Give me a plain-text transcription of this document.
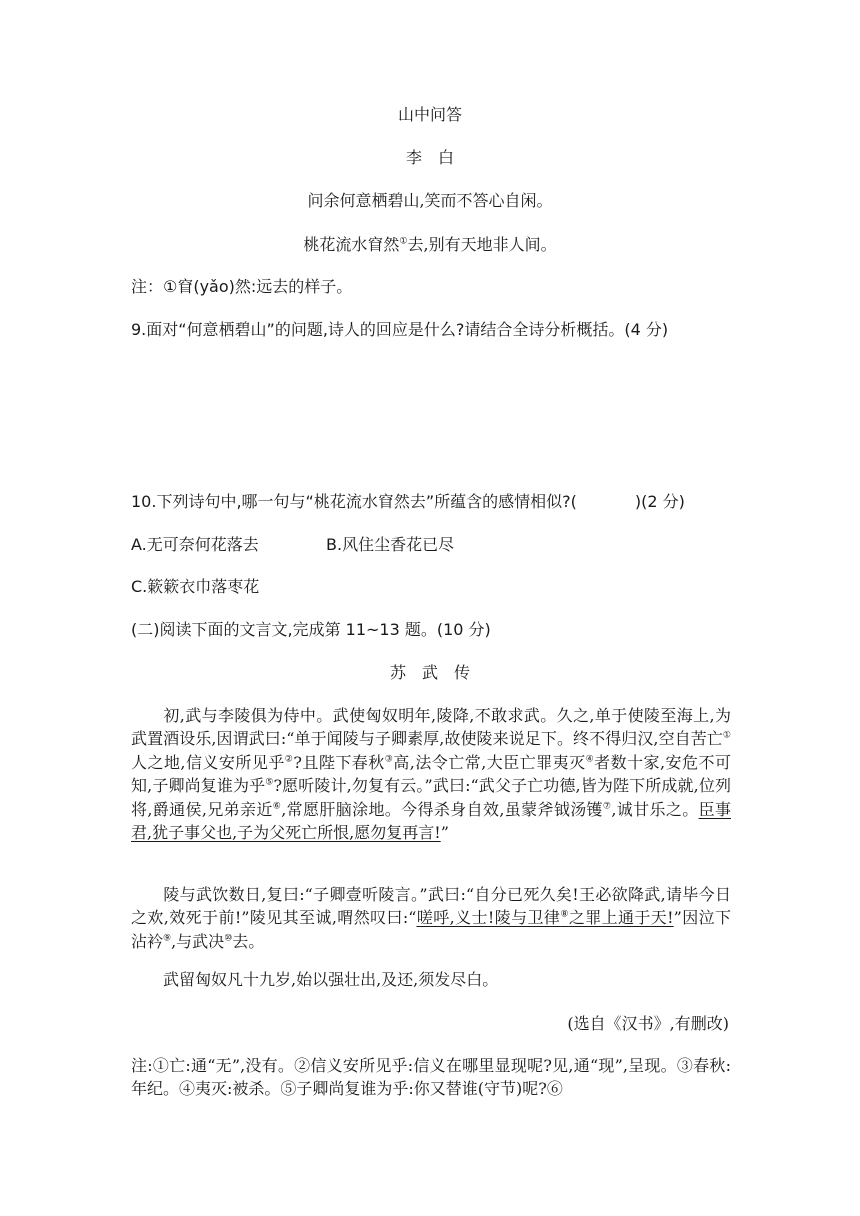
山中问答
李　白
问余何意栖碧山,笑而不答心自闲。
桃花流水窅然①去,别有天地非人间。
注：①窅(yǎo)然:远去的样子。
9.面对“何意栖碧山”的问题,诗人的回应是什么?请结合全诗分析概括。(4 分)
10.下列诗句中,哪一句与“桃花流水窅然去”所蕴含的感情相似?(	)(2 分)
A.无可奈何花落去	B.风住尘香花已尽
C.簌簌衣巾落枣花
(二)阅读下面的文言文,完成第 11~13 题。(10 分)
苏　武　传
初,武与李陵俱为侍中。武使匈奴明年,陵降,不敢求武。久之,单于使陵至海上,为武置酒设乐,因谓武曰:“单于闻陵与子卿素厚,故使陵来说足下。终不得归汉,空自苦亡①人之地,信义安所见乎②?且陛下春秋③高,法令亡常,大臣亡罪夷灭④者数十家,安危不可知,子卿尚复谁为乎⑤?愿听陵计,勿复有云。”武曰:“武父子亡功德,皆为陛下所成就,位列将,爵通侯,兄弟亲近⑥,常愿肝脑涂地。今得杀身自效,虽蒙斧钺汤镬⑦,诚甘乐之。臣事君,犹子事父也,子为父死亡所恨,愿勿复再言!”
陵与武饮数日,复曰:“子卿壹听陵言。”武曰:“自分已死久矣!王必欲降武,请毕今日之欢,效死于前!”陵见其至诚,喟然叹曰:“嗟呼,义士!陵与卫律⑧之罪上通于天!”因泣下沾衿⑨,与武决⑩去。
武留匈奴凡十九岁,始以强壮出,及还,须发尽白。
(选自《汉书》,有删改)
注:①亡:通“无”,没有。②信义安所见乎:信义在哪里显现呢?见,通“现”,呈现。③春秋:年纪。④夷灭:被杀。⑤子卿尚复谁为乎:你又替谁(守节)呢?⑥
